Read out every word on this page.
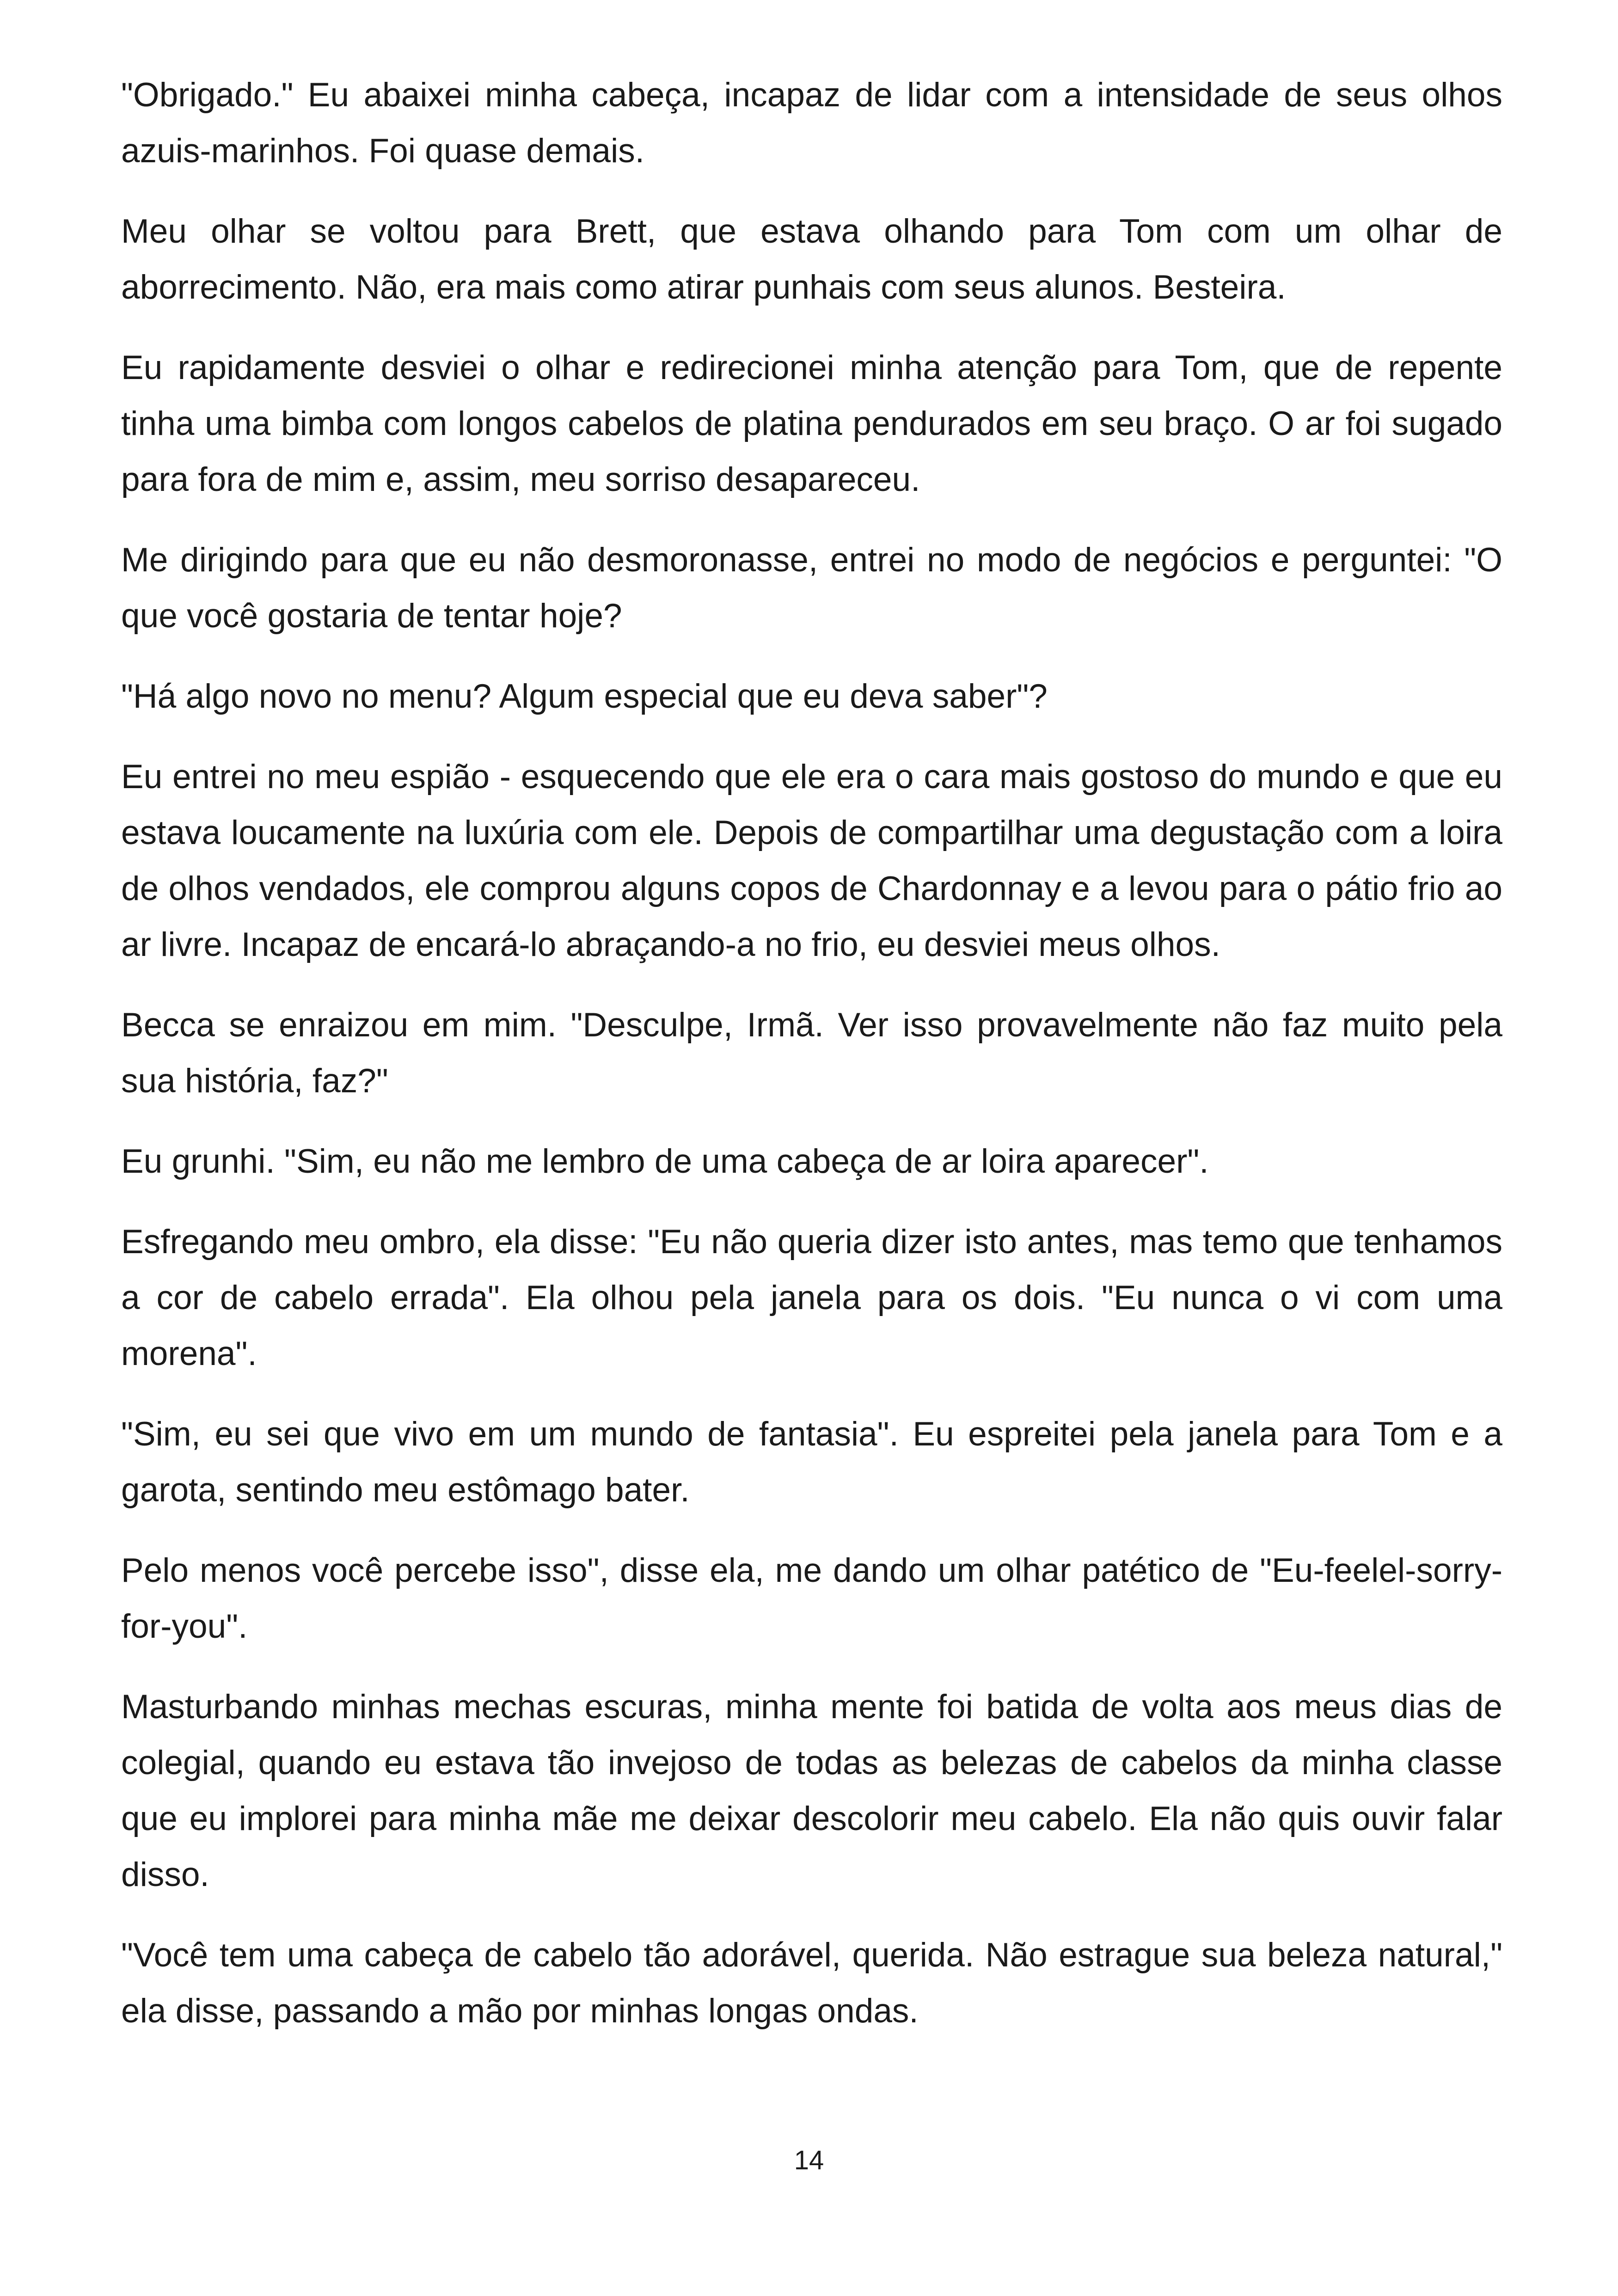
"Obrigado." Eu abaixei minha cabeça, incapaz de lidar com a intensidade de seus olhos azuis-marinhos. Foi quase demais.

Meu olhar se voltou para Brett, que estava olhando para Tom com um olhar de aborrecimento. Não, era mais como atirar punhais com seus alunos. Besteira.

Eu rapidamente desviei o olhar e redirecionei minha atenção para Tom, que de repente tinha uma bimba com longos cabelos de platina pendurados em seu braço. O ar foi sugado para fora de mim e, assim, meu sorriso desapareceu.

Me dirigindo para que eu não desmoronasse, entrei no modo de negócios e perguntei: "O que você gostaria de tentar hoje?

"Há algo novo no menu? Algum especial que eu deva saber"?

Eu entrei no meu espião - esquecendo que ele era o cara mais gostoso do mundo e que eu estava loucamente na luxúria com ele. Depois de compartilhar uma degustação com a loira de olhos vendados, ele comprou alguns copos de Chardonnay e a levou para o pátio frio ao ar livre. Incapaz de encará-lo abraçando-a no frio, eu desviei meus olhos.

Becca se enraizou em mim. "Desculpe, Irmã. Ver isso provavelmente não faz muito pela sua história, faz?"

Eu grunhi. "Sim, eu não me lembro de uma cabeça de ar loira aparecer".

Esfregando meu ombro, ela disse: "Eu não queria dizer isto antes, mas temo que tenhamos a cor de cabelo errada". Ela olhou pela janela para os dois. "Eu nunca o vi com uma morena".

"Sim, eu sei que vivo em um mundo de fantasia". Eu espreitei pela janela para Tom e a garota, sentindo meu estômago bater.

Pelo menos você percebe isso", disse ela, me dando um olhar patético de "Eu-feelel-sorry-for-you".

Masturbando minhas mechas escuras, minha mente foi batida de volta aos meus dias de colegial, quando eu estava tão invejoso de todas as belezas de cabelos da minha classe que eu implorei para minha mãe me deixar descolorir meu cabelo. Ela não quis ouvir falar disso.

"Você tem uma cabeça de cabelo tão adorável, querida. Não estrague sua beleza natural," ela disse, passando a mão por minhas longas ondas.

14
